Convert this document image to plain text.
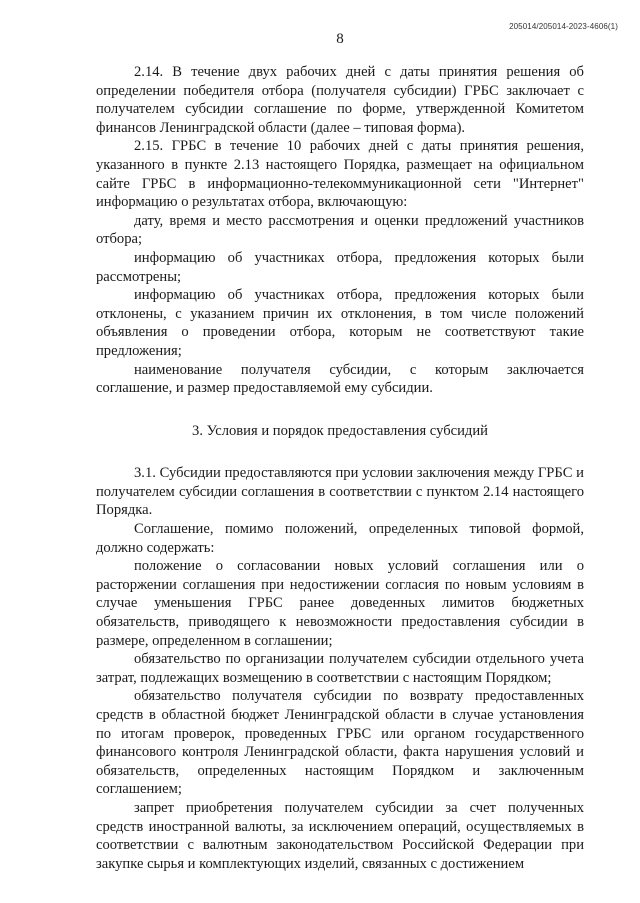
205014/205014-2023-4606(1)
8

2.14. В течение двух рабочих дней с даты принятия решения об определении победителя отбора (получателя субсидии) ГРБС заключает с получателем субсидии соглашение по форме, утвержденной Комитетом финансов Ленинградской области (далее – типовая форма).

2.15. ГРБС в течение 10 рабочих дней с даты принятия решения, указанного в пункте 2.13 настоящего Порядка, размещает на официальном сайте ГРБС в информационно-телекоммуникационной сети "Интернет" информацию о результатах отбора, включающую:

дату, время и место рассмотрения и оценки предложений участников отбора;

информацию об участниках отбора, предложения которых были рассмотрены;

информацию об участниках отбора, предложения которых были отклонены, с указанием причин их отклонения, в том числе положений объявления о проведении отбора, которым не соответствуют такие предложения;

наименование получателя субсидии, с которым заключается соглашение, и размер предоставляемой ему субсидии.

3. Условия и порядок предоставления субсидий

3.1. Субсидии предоставляются при условии заключения между ГРБС и получателем субсидии соглашения в соответствии с пунктом 2.14 настоящего Порядка.

Соглашение, помимо положений, определенных типовой формой, должно содержать:

положение о согласовании новых условий соглашения или о расторжении соглашения при недостижении согласия по новым условиям в случае уменьшения ГРБС ранее доведенных лимитов бюджетных обязательств, приводящего к невозможности предоставления субсидии в размере, определенном в соглашении;

обязательство по организации получателем субсидии отдельного учета затрат, подлежащих возмещению в соответствии с настоящим Порядком;

обязательство получателя субсидии по возврату предоставленных средств в областной бюджет Ленинградской области в случае установления по итогам проверок, проведенных ГРБС или органом государственного финансового контроля Ленинградской области, факта нарушения условий и обязательств, определенных настоящим Порядком и заключенным соглашением;

запрет приобретения получателем субсидии за счет полученных средств иностранной валюты, за исключением операций, осуществляемых в соответствии с валютным законодательством Российской Федерации при закупке сырья и комплектующих изделий, связанных с достижением
